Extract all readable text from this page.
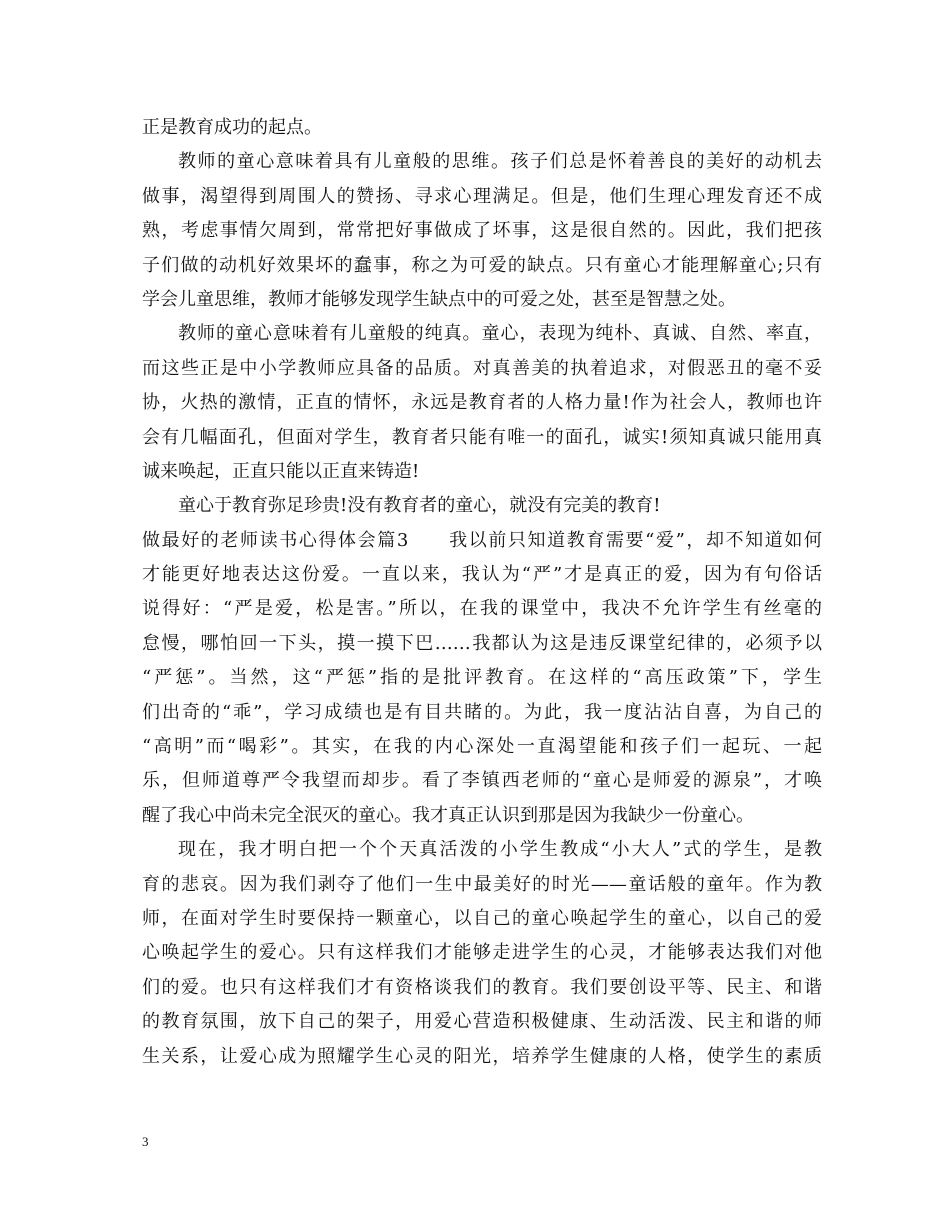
正是教育成功的起点。
教师的童心意味着具有儿童般的思维。孩子们总是怀着善良的美好的动机去
做事，渴望得到周围人的赞扬、寻求心理满足。但是，他们生理心理发育还不成
熟，考虑事情欠周到，常常把好事做成了坏事，这是很自然的。因此，我们把孩
子们做的动机好效果坏的蠢事，称之为可爱的缺点。只有童心才能理解童心;只有
学会儿童思维，教师才能够发现学生缺点中的可爱之处，甚至是智慧之处。
教师的童心意味着有儿童般的纯真。童心，表现为纯朴、真诚、自然、率直，
而这些正是中小学教师应具备的品质。对真善美的执着追求，对假恶丑的毫不妥
协，火热的激情，正直的情怀，永远是教育者的人格力量!作为社会人，教师也许
会有几幅面孔，但面对学生，教育者只能有唯一的面孔，诚实!须知真诚只能用真
诚来唤起，正直只能以正直来铸造!
童心于教育弥足珍贵!没有教育者的童心，就没有完美的教育!
做最好的老师读书心得体会篇3　　我以前只知道教育需要“爱”，却不知道如何
才能更好地表达这份爱。一直以来，我认为“严”才是真正的爱，因为有句俗话
说得好：“严是爱，松是害。”所以，在我的课堂中，我决不允许学生有丝毫的
怠慢，哪怕回一下头，摸一摸下巴……我都认为这是违反课堂纪律的，必须予以
“严惩”。当然，这“严惩”指的是批评教育。在这样的“高压政策”下，学生
们出奇的“乖”，学习成绩也是有目共睹的。为此，我一度沾沾自喜，为自己的
“高明”而“喝彩”。其实，在我的内心深处一直渴望能和孩子们一起玩、一起
乐，但师道尊严令我望而却步。看了李镇西老师的“童心是师爱的源泉”，才唤
醒了我心中尚未完全泯灭的童心。我才真正认识到那是因为我缺少一份童心。
现在，我才明白把一个个天真活泼的小学生教成“小大人”式的学生，是教
育的悲哀。因为我们剥夺了他们一生中最美好的时光——童话般的童年。作为教
师，在面对学生时要保持一颗童心，以自己的童心唤起学生的童心，以自己的爱
心唤起学生的爱心。只有这样我们才能够走进学生的心灵，才能够表达我们对他
们的爱。也只有这样我们才有资格谈我们的教育。我们要创设平等、民主、和谐
的教育氛围，放下自己的架子，用爱心营造积极健康、生动活泼、民主和谐的师
生关系，让爱心成为照耀学生心灵的阳光，培养学生健康的人格，使学生的素质
3
